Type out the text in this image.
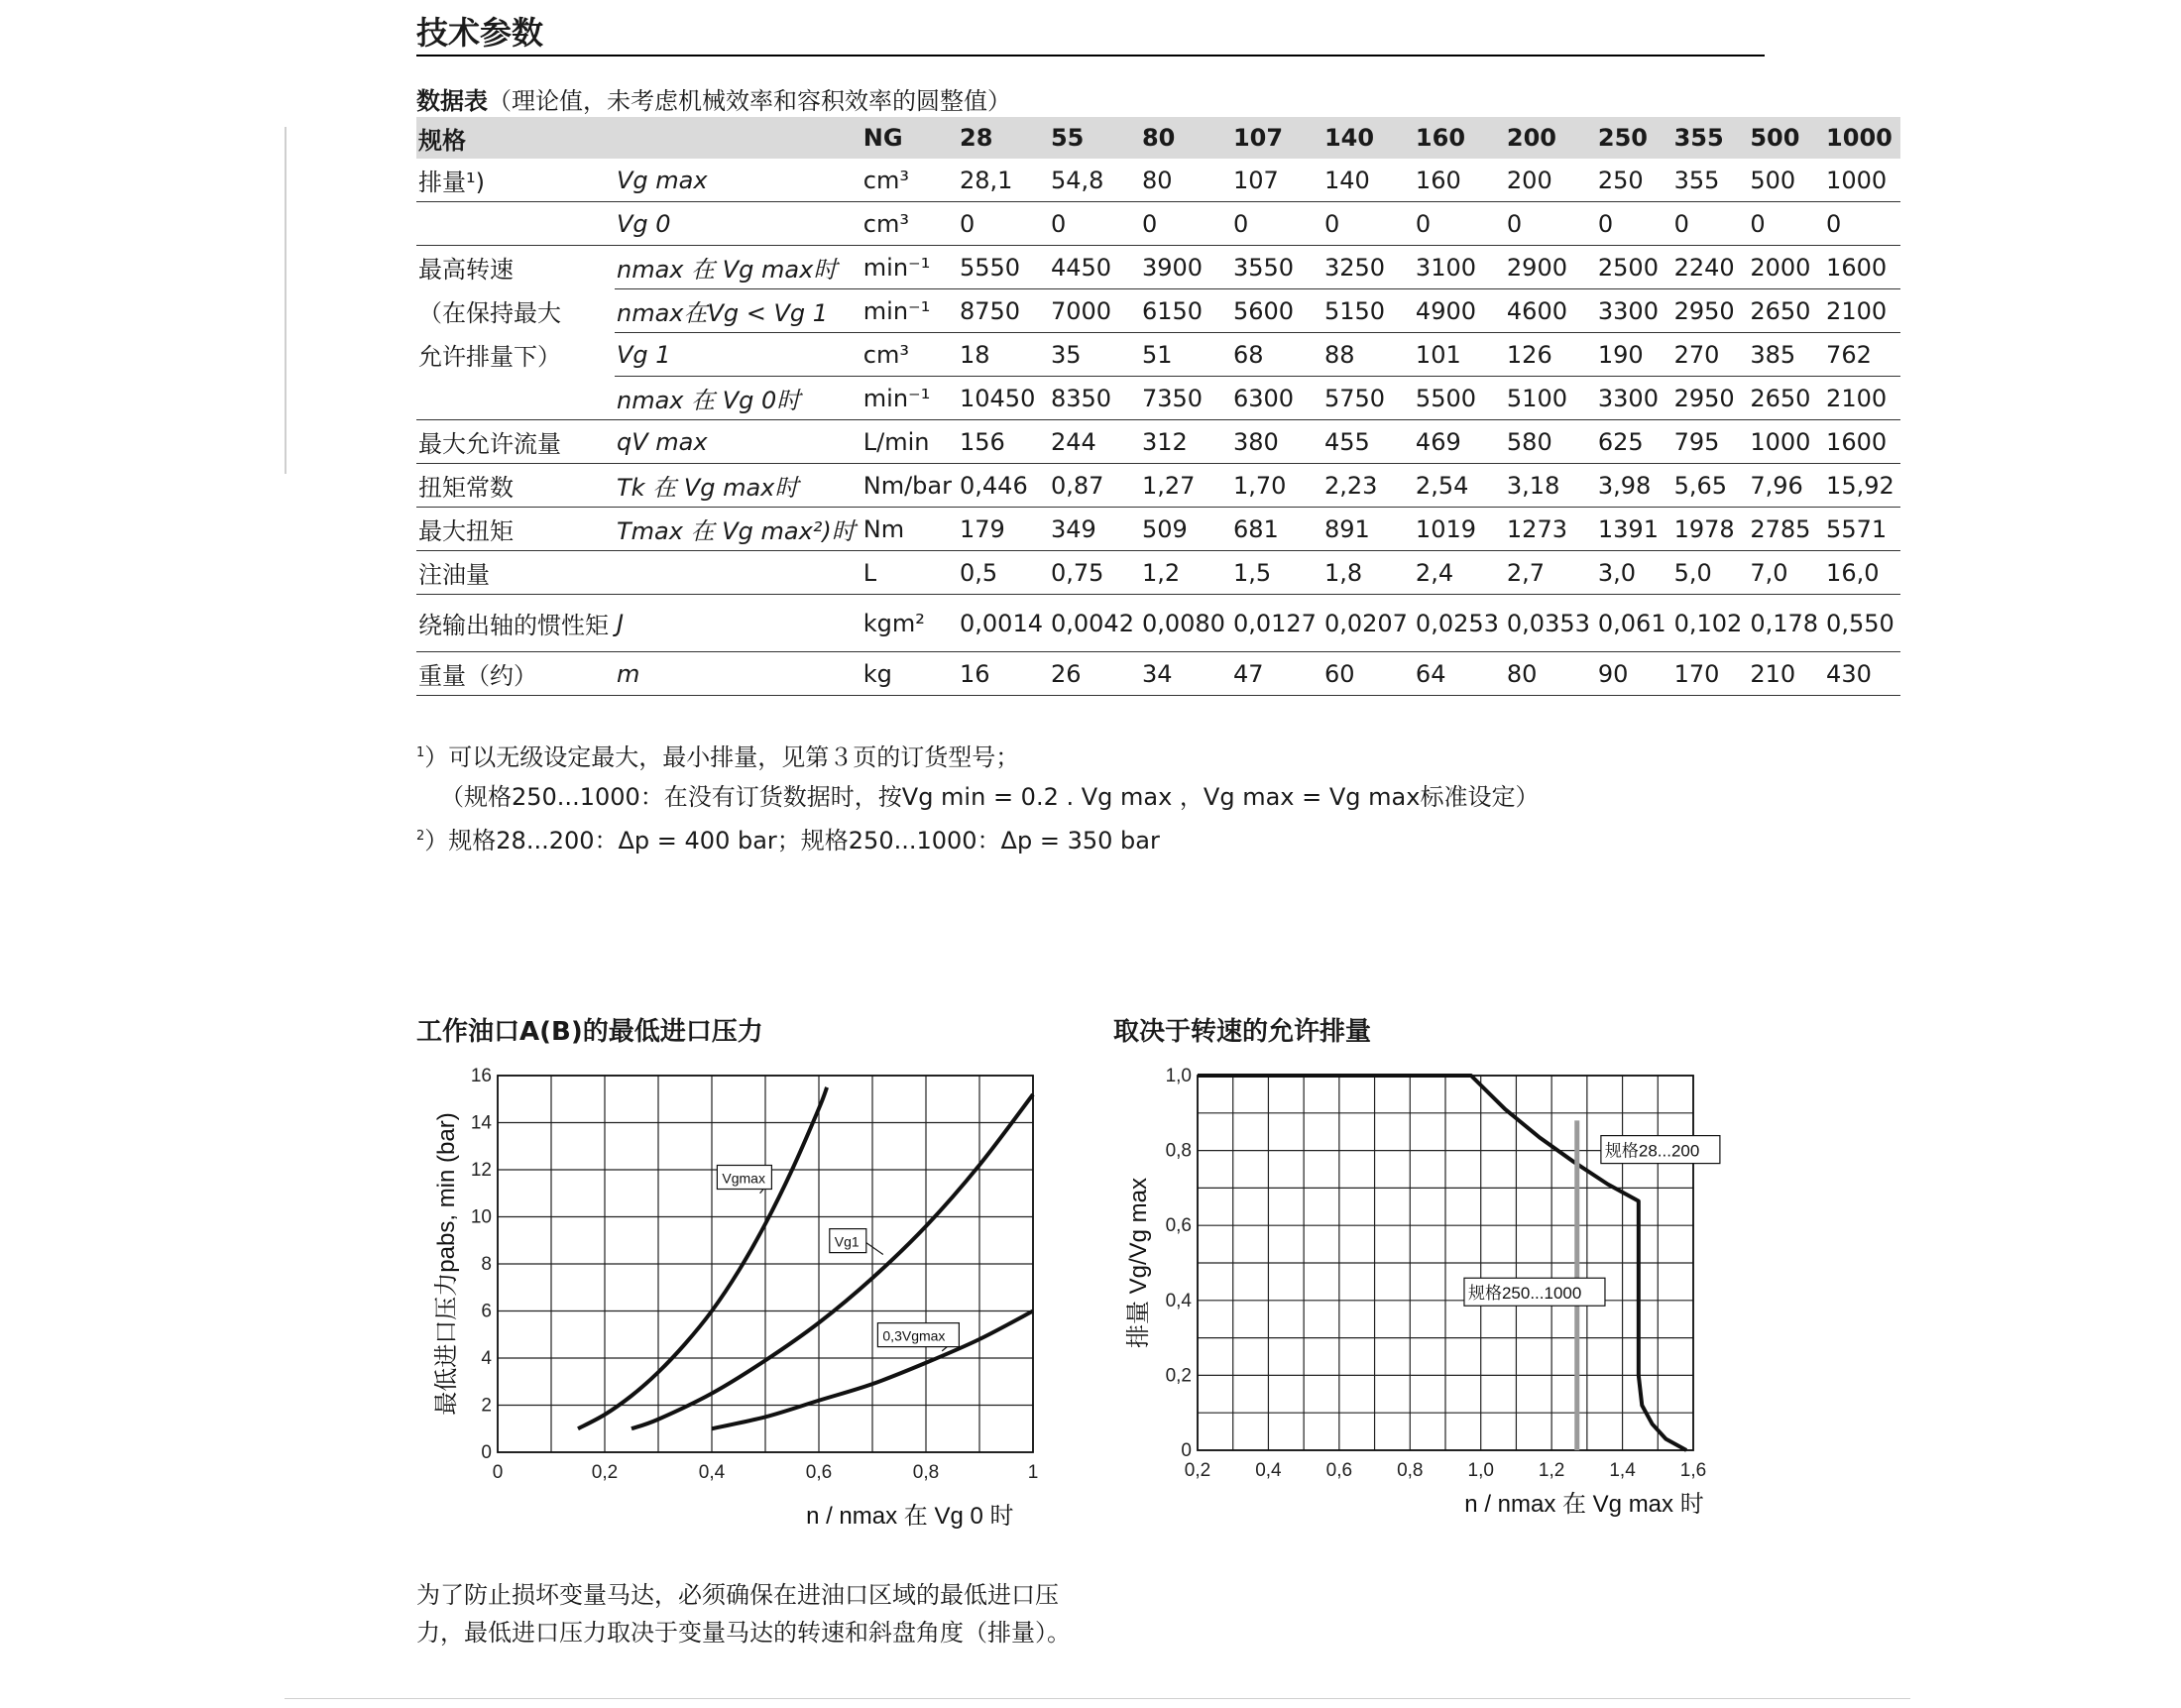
技术参数
数据表（理论值，未考虑机械效率和容积效率的圆整值）
规格		NG	28	55	80	107	140	160	200	250	355	500	1000
排量¹)	Vg max	cm³	28,1	54,8	80	107	140	160	200	250	355	500	1000
	Vg 0	cm³	0	0	0	0	0	0	0	0	0	0	0
最高转速	nmax 在 Vg max时	min⁻¹	5550	4450	3900	3550	3250	3100	2900	2500	2240	2000	1600
（在保持最大	nmax在Vg < Vg 1	min⁻¹	8750	7000	6150	5600	5150	4900	4600	3300	2950	2650	2100
允许排量下）	Vg 1	cm³	18	35	51	68	88	101	126	190	270	385	762
	nmax 在 Vg 0时	min⁻¹	10450	8350	7350	6300	5750	5500	5100	3300	2950	2650	2100
最大允许流量	qV max	L/min	156	244	312	380	455	469	580	625	795	1000	1600
扭矩常数	Tk 在 Vg max时	Nm/bar	0,446	0,87	1,27	1,70	2,23	2,54	3,18	3,98	5,65	7,96	15,92
最大扭矩	Tmax 在 Vg max²)时	Nm	179	349	509	681	891	1019	1273	1391	1978	2785	5571
注油量		L	0,5	0,75	1,2	1,5	1,8	2,4	2,7	3,0	5,0	7,0	16,0
绕输出轴的惯性矩	J	kgm²	0,0014	0,0042	0,0080	0,0127	0,0207	0,0253	0,0353	0,061	0,102	0,178	0,550
重量（约）	m	kg	16	26	34	47	60	64	80	90	170	210	430
$^1$）可以无级设定最大，最小排量，见第３页的订货型号；
（规格250...1000：在没有订货数据时，按Vg min = 0.2 . Vg max ，Vg max = Vg max标准设定）
$^2$）规格28...200：Δp = 400 bar；规格250...1000：Δp = 350 bar
工作油口A(B)的最低进口压力	取决于转速的允许排量
0	0,2	0,4	0,6	0,8	1
0
2
4
6
8
10
12
14
16
Vgmax
Vg1
0,3Vgmax
n / nmax 在 Vg 0 时
最低进口压力pabs, min (bar)
0,2 0,4 0,6 0,8 1,0 1,2 1,4 1,6
0
0,2
0,4
0,6
0,8
1,0
规格28...200
规格250...1000
n / nmax 在 Vg max 时
排量 Vg/Vg max
为了防止损坏变量马达，必须确保在进油口区域的最低进口压力，最低进口压力取决于变量马达的转速和斜盘角度（排量）。
